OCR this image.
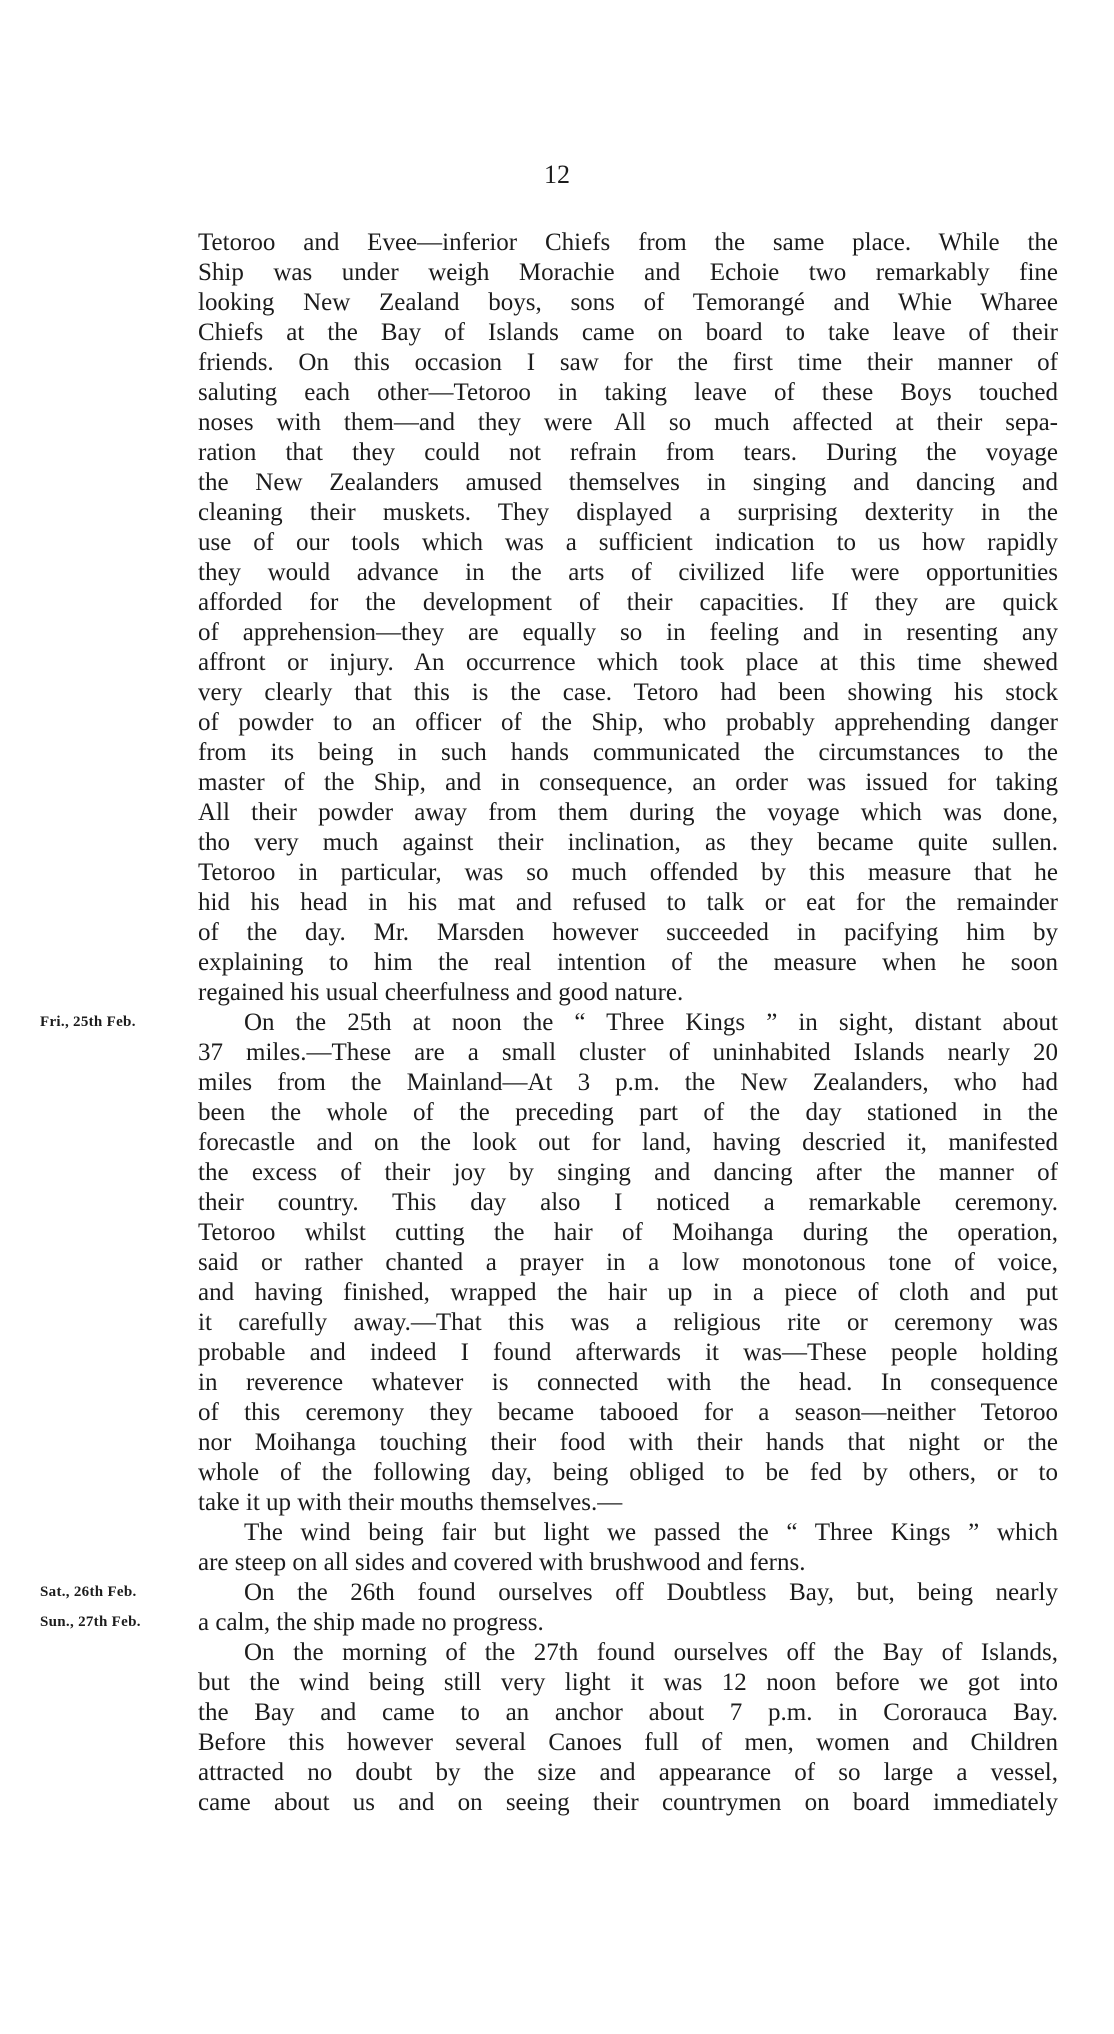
12
Tetoroo and Evee—inferior Chiefs from the same place. While the
Ship was under weigh Morachie and Echoie two remarkably fine
looking New Zealand boys, sons of Temorangé and Whie Wharee
Chiefs at the Bay of Islands came on board to take leave of their
friends. On this occasion I saw for the first time their manner of
saluting each other—Tetoroo in taking leave of these Boys touched
noses with them—and they were All so much affected at their sepa-
ration that they could not refrain from tears. During the voyage
the New Zealanders amused themselves in singing and dancing and
cleaning their muskets. They displayed a surprising dexterity in the
use of our tools which was a sufficient indication to us how rapidly
they would advance in the arts of civilized life were opportunities
afforded for the development of their capacities. If they are quick
of apprehension—they are equally so in feeling and in resenting any
affront or injury. An occurrence which took place at this time shewed
very clearly that this is the case. Tetoro had been showing his stock
of powder to an officer of the Ship, who probably apprehending danger
from its being in such hands communicated the circumstances to the
master of the Ship, and in consequence, an order was issued for taking
All their powder away from them during the voyage which was done,
tho very much against their inclination, as they became quite sullen.
Tetoroo in particular, was so much offended by this measure that he
hid his head in his mat and refused to talk or eat for the remainder
of the day. Mr. Marsden however succeeded in pacifying him by
explaining to him the real intention of the measure when he soon
regained his usual cheerfulness and good nature.
On the 25th at noon the “ Three Kings ” in sight, distant about
37 miles.—These are a small cluster of uninhabited Islands nearly 20
miles from the Mainland—At 3 p.m. the New Zealanders, who had
been the whole of the preceding part of the day stationed in the
forecastle and on the look out for land, having descried it, manifested
the excess of their joy by singing and dancing after the manner of
their country. This day also I noticed a remarkable ceremony.
Tetoroo whilst cutting the hair of Moihanga during the operation,
said or rather chanted a prayer in a low monotonous tone of voice,
and having finished, wrapped the hair up in a piece of cloth and put
it carefully away.—That this was a religious rite or ceremony was
probable and indeed I found afterwards it was—These people holding
in reverence whatever is connected with the head. In consequence
of this ceremony they became tabooed for a season—neither Tetoroo
nor Moihanga touching their food with their hands that night or the
whole of the following day, being obliged to be fed by others, or to
take it up with their mouths themselves.—
The wind being fair but light we passed the “ Three Kings ” which
are steep on all sides and covered with brushwood and ferns.
On the 26th found ourselves off Doubtless Bay, but, being nearly
a calm, the ship made no progress.
On the morning of the 27th found ourselves off the Bay of Islands,
but the wind being still very light it was 12 noon before we got into
the Bay and came to an anchor about 7 p.m. in Cororauca Bay.
Before this however several Canoes full of men, women and Children
attracted no doubt by the size and appearance of so large a vessel,
came about us and on seeing their countrymen on board immediately
Fri., 25th Feb.
Sat., 26th Feb.
Sun., 27th Feb.
